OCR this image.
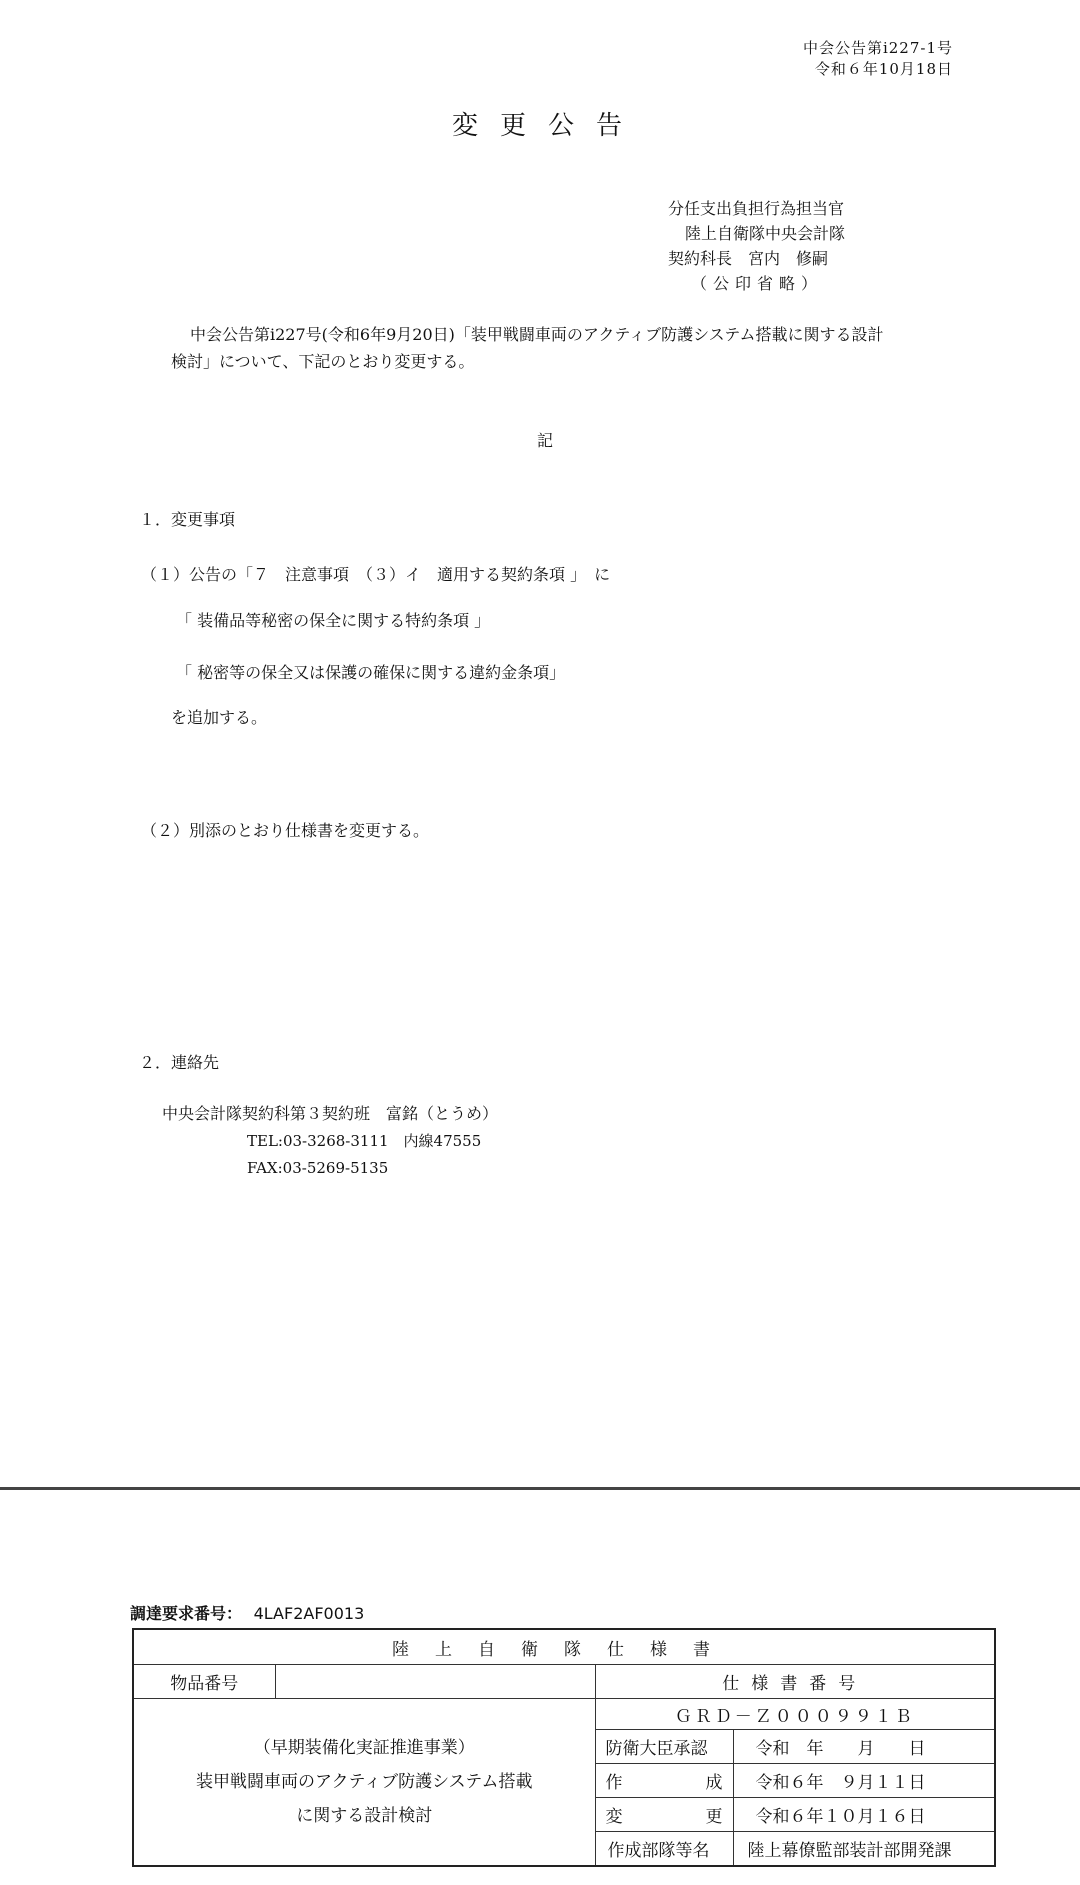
中会公告第i227-1号
令和６年10月18日
変更公告
分任支出負担行為担当官
陸上自衛隊中央会計隊
契約科長　宮内　修嗣
（公印省略）
中会公告第i227号(令和6年9月20日)「装甲戦闘車両のアクティブ防護システム搭載に関する設計
検討」について、下記のとおり変更する。
記
１．変更事項
（１）公告の「７　注意事項　（３）イ　適用する契約条項 」　に
「 装備品等秘密の保全に関する特約条項 」
「 秘密等の保全又は保護の確保に関する違約金条項」
を追加する。
（２）別添のとおり仕様書を変更する。
２．連絡先
中央会計隊契約科第３契約班　富銘（とうめ）
TEL:03-3268-3111　内線47555
FAX:03-5269-5135
調達要求番号： 4LAF2AF0013
陸上自衛隊仕様書			
物品番号		仕様書番号	

（早期装備化実証推進事業）
装甲戦闘車両のアクティブ防護システム搭載
に関する設計検討		ＧＲＤ－Ｚ０００９９１Ｂ	
		防衛大臣承認	令和　年　　月　　日

		作 成	令和６年　９月１１日

		変 更	令和６年１０月１６日
		作成部隊等名	陸上幕僚監部装計部開発課
